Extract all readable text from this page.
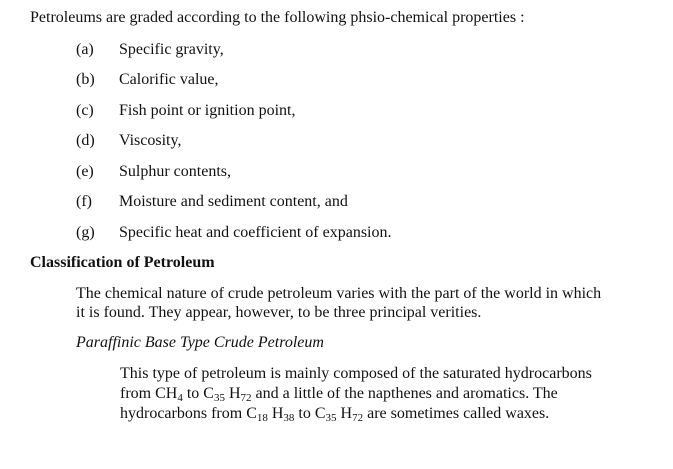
Petroleums are graded according to the following phsio-chemical properties :
(a) Specific gravity,
(b) Calorific value,
(c) Fish point or ignition point,
(d) Viscosity,
(e) Sulphur contents,
(f) Moisture and sediment content, and
(g) Specific heat and coefficient of expansion.
Classification of Petroleum
The chemical nature of crude petroleum varies with the part of the world in which
it is found. They appear, however, to be three principal verities.
Paraffinic Base Type Crude Petroleum
This type of petroleum is mainly composed of the saturated hydrocarbons
from $CH_4$ to $C_{35}$ $H_{72}$ and a little of the napthenes and aromatics. The
hydrocarbons from $C_{18}$ $H_{38}$ to $C_{35}$ $H_{72}$ are sometimes called waxes.
